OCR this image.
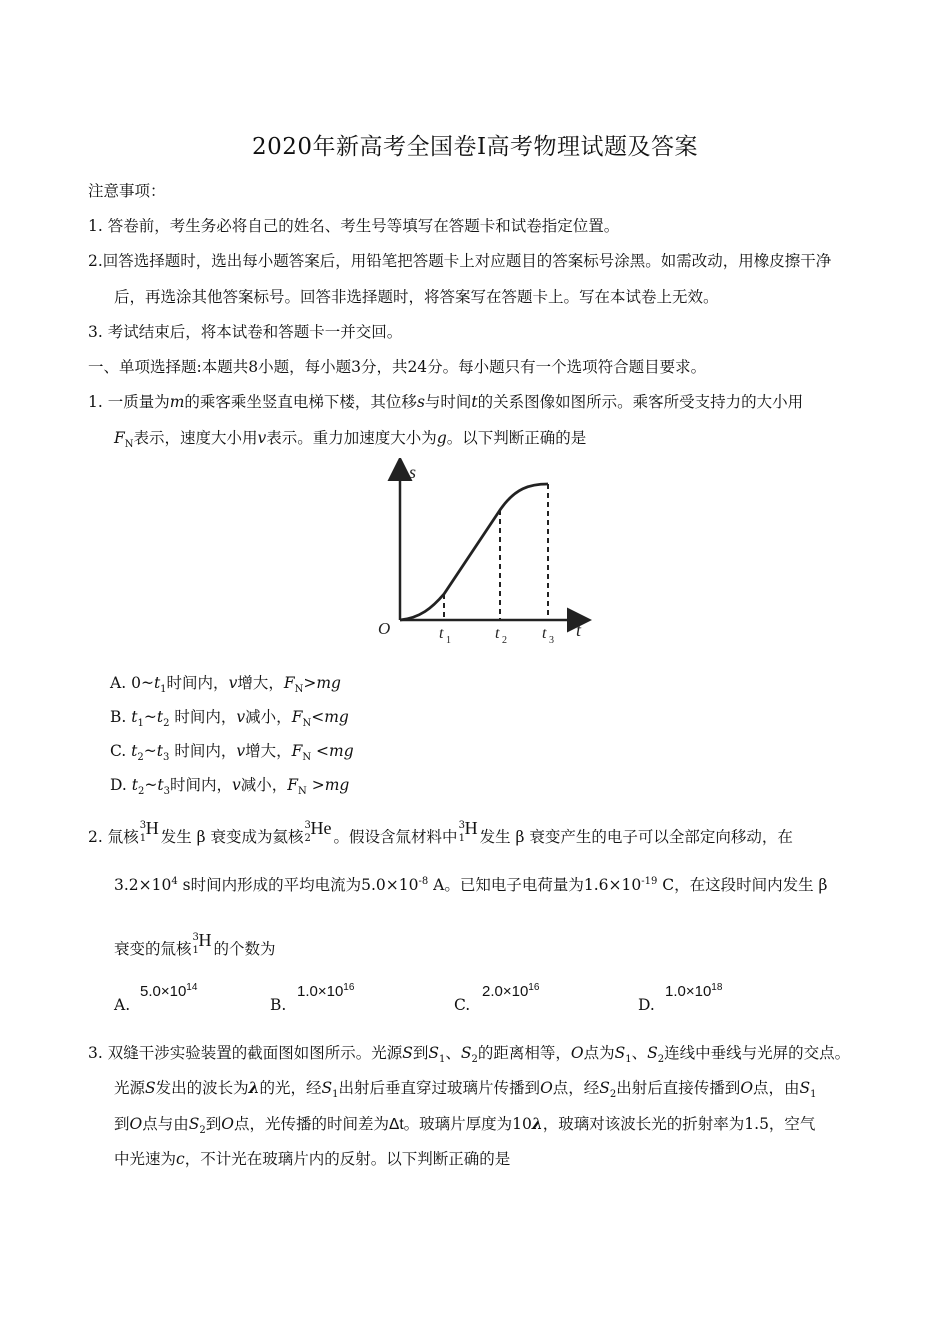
2020年新高考全国卷Ⅰ高考物理试题及答案
注意事项：
1. 答卷前，考生务必将自己的姓名、考生号等填写在答题卡和试卷指定位置。
2.回答选择题时，选出每小题答案后，用铅笔把答题卡上对应题目的答案标号涂黑。如需改动，用橡皮擦干净
后，再选涂其他答案标号。回答非选择题时，将答案写在答题卡上。写在本试卷上无效。
3. 考试结束后，将本试卷和答题卡一并交回。
一、单项选择题:本题共8小题，每小题3分，共24分。每小题只有一个选项符合题目要求。
1. 一质量为m的乘客乘坐竖直电梯下楼，其位移s与时间t的关系图像如图所示。乘客所受支持力的大小用
$F_N$表示，速度大小用v表示。重力加速度大小为g。以下判断正确的是
s
t
O	t 1	t 2 t 3
A. $0\sim t_1$时间内，v增大，$F_N>mg$
B. $t_1\sim t_2$ 时间内，v减小，$F_N<mg$
C. $t_2\sim t_3$ 时间内，v增大，$F_N <mg$
D. $t_2\sim t_3$时间内，v减小，$F_N >mg$
2. 氚核
3
1
H 发生 β 衰变成为氦核
3
2
He 。假设含氚材料中
3
1
H 发生 β 衰变产生的电子可以全部定向移动，在
$3.2\times 10^4$ s时间内形成的平均电流为$5.0\times 10^{-8}$ A。已知电子电荷量为$1.6\times 10^{-19}$ C，在这段时间内发生 β
衰变的氚核
3
1
H 的个数为
A.
$5.0\times 10^{14}$
B.
$1.0\times 10^{16}$
C.
$2.0\times 10^{16}$
D.
$1.0\times 10^{18}$
3. 双缝干涉实验装置的截面图如图所示。光源S到$S_1$、$S_2$的距离相等，O点为$S_1$、$S_2$连线中垂线与光屏的交点。
光源S发出的波长为λ的光，经$S_1$出射后垂直穿过玻璃片传播到O点，经$S_2$出射后直接传播到O点，由$S_1$
到O点与由$S_2$到O点，光传播的时间差为Δt。玻璃片厚度为10λ，玻璃对该波长光的折射率为1.5，空气
中光速为c，不计光在玻璃片内的反射。以下判断正确的是
